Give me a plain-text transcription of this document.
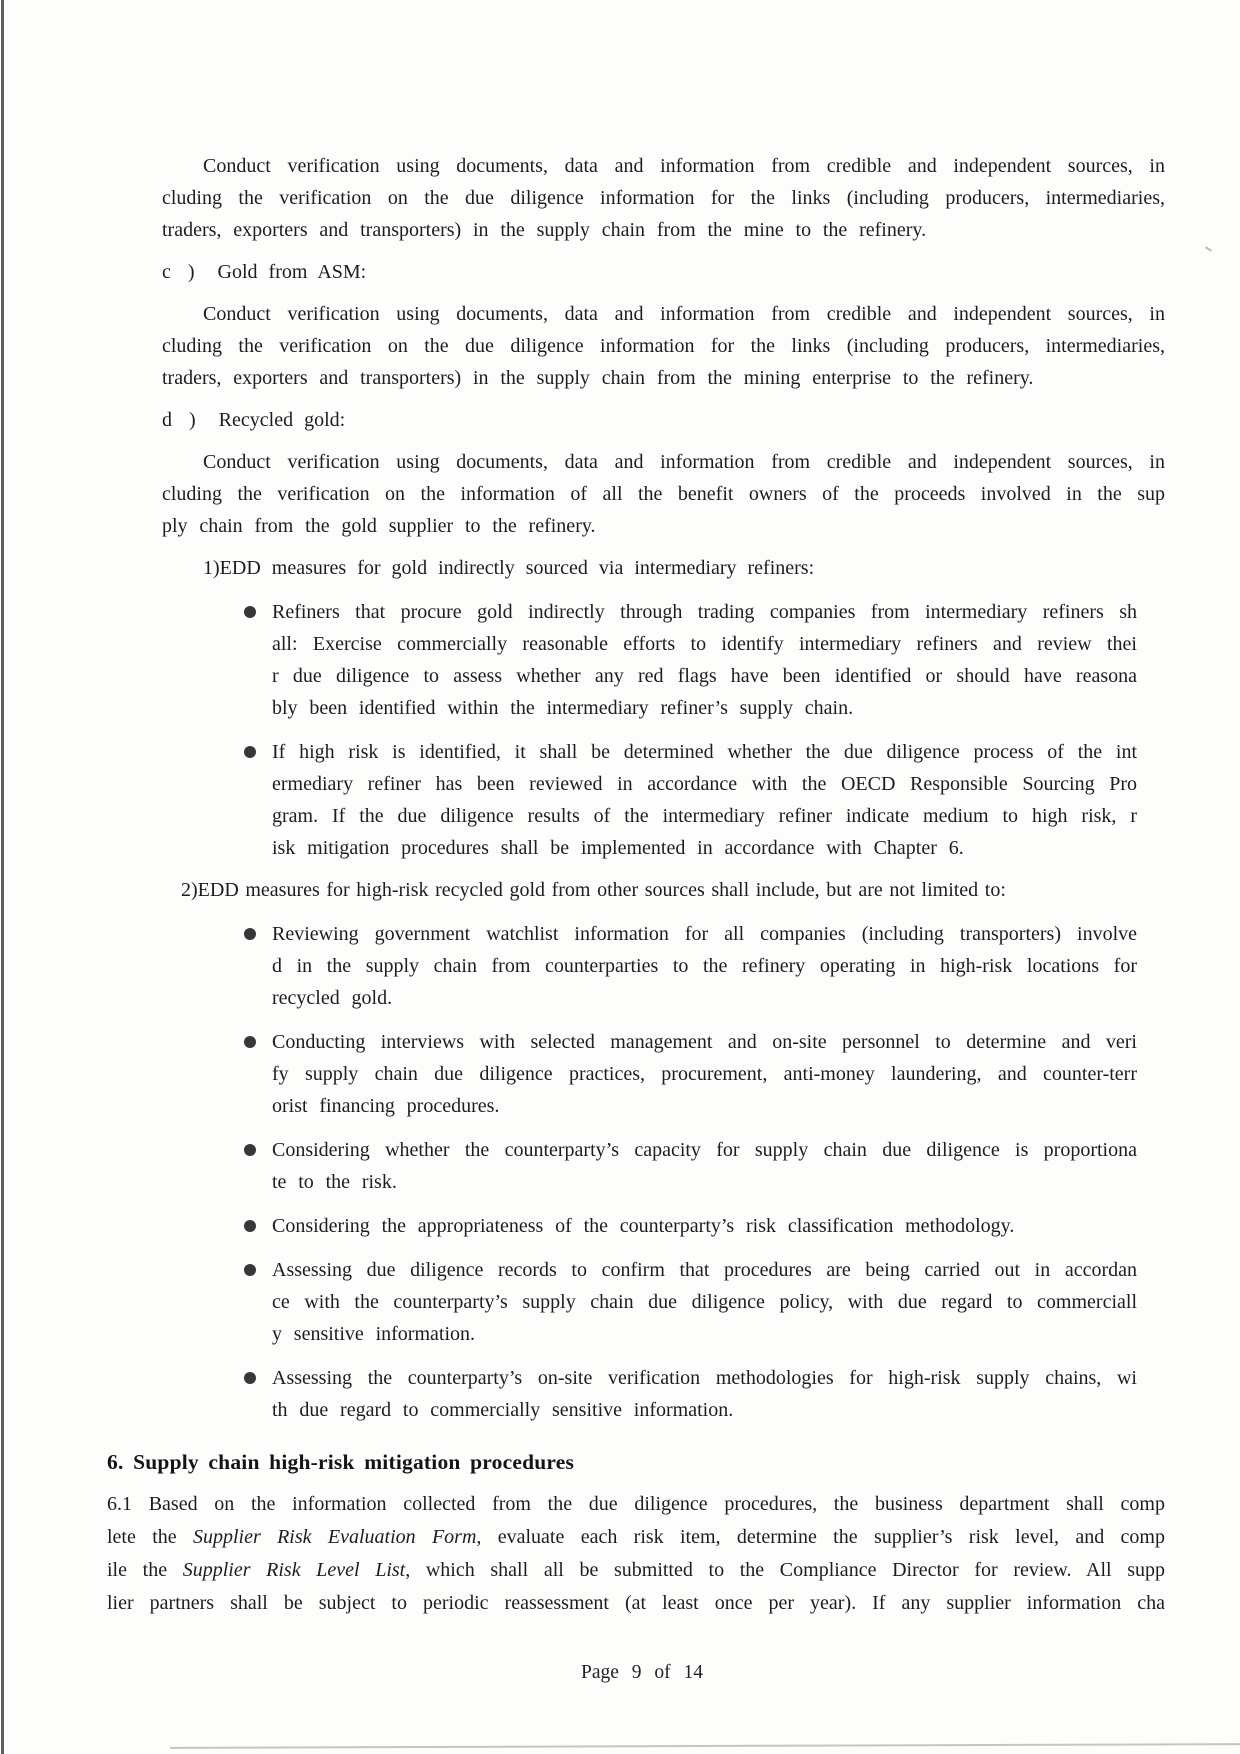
Conduct verification using documents, data and information from credible and independent sources, in
cluding the verification on the due diligence information for the links (including producers, intermediaries,
traders, exporters and transporters) in the supply chain from the mine to the refinery.
c ) Gold from ASM:
Conduct verification using documents, data and information from credible and independent sources, in
cluding the verification on the due diligence information for the links (including producers, intermediaries,
traders, exporters and transporters) in the supply chain from the mining enterprise to the refinery.
d ) Recycled gold:
Conduct verification using documents, data and information from credible and independent sources, in
cluding the verification on the information of all the benefit owners of the proceeds involved in the sup
ply chain from the gold supplier to the refinery.
1)EDD measures for gold indirectly sourced via intermediary refiners:
Refiners that procure gold indirectly through trading companies from intermediary refiners sh
all: Exercise commercially reasonable efforts to identify intermediary refiners and review thei
r due diligence to assess whether any red flags have been identified or should have reasona
bly been identified within the intermediary refiner’s supply chain.
If high risk is identified, it shall be determined whether the due diligence process of the int
ermediary refiner has been reviewed in accordance with the OECD Responsible Sourcing Pro
gram. If the due diligence results of the intermediary refiner indicate medium to high risk, r
isk mitigation procedures shall be implemented in accordance with Chapter 6.
2)EDD measures for high-risk recycled gold from other sources shall include, but are not limited to:
Reviewing government watchlist information for all companies (including transporters) involve
d in the supply chain from counterparties to the refinery operating in high-risk locations for
recycled gold.
Conducting interviews with selected management and on-site personnel to determine and veri
fy supply chain due diligence practices, procurement, anti-money laundering, and counter-terr
orist financing procedures.
Considering whether the counterparty’s capacity for supply chain due diligence is proportiona
te to the risk.
Considering the appropriateness of the counterparty’s risk classification methodology.
Assessing due diligence records to confirm that procedures are being carried out in accordan
ce with the counterparty’s supply chain due diligence policy, with due regard to commerciall
y sensitive information.
Assessing the counterparty’s on-site verification methodologies for high-risk supply chains, wi
th due regard to commercially sensitive information.
6. Supply chain high-risk mitigation procedures
6.1 Based on the information collected from the due diligence procedures, the business department shall comp
lete the Supplier Risk Evaluation Form, evaluate each risk item, determine the supplier’s risk level, and comp
ile the Supplier Risk Level List, which shall all be submitted to the Compliance Director for review. All supp
lier partners shall be subject to periodic reassessment (at least once per year). If any supplier information cha
Page 9 of 14
